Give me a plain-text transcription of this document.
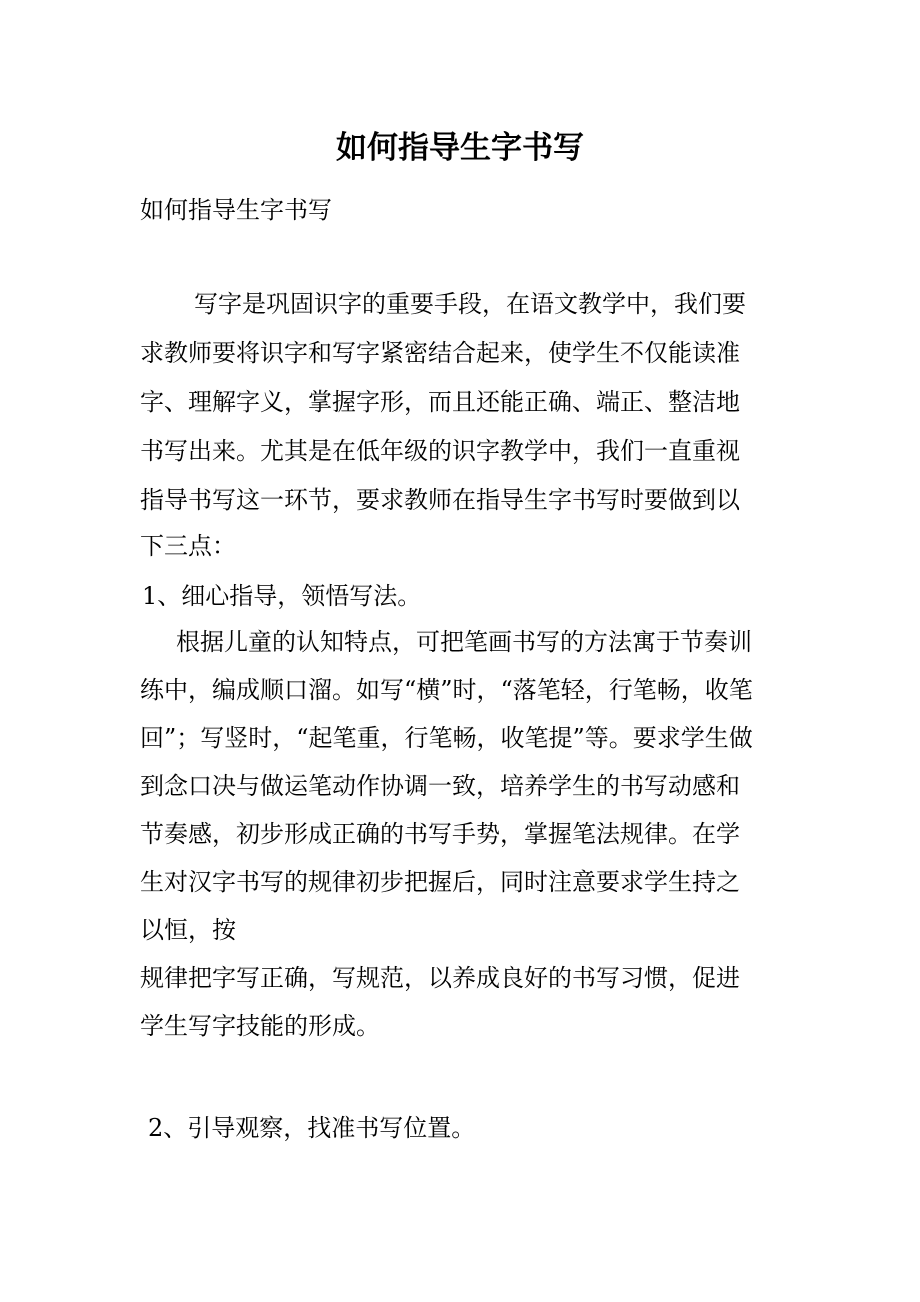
如何指导生字书写

如何指导生字书写

写字是巩固识字的重要手段，在语文教学中，我们要

求教师要将识字和写字紧密结合起来，使学生不仅能读准

字、理解字义，掌握字形，而且还能正确、端正、整洁地

书写出来。尤其是在低年级的识字教学中，我们一直重视

指导书写这一环节，要求教师在指导生字书写时要做到以

下三点：

1、细心指导，领悟写法。

根据儿童的认知特点，可把笔画书写的方法寓于节奏训

练中，编成顺口溜。如写“横”时，“落笔轻，行笔畅，收笔

回”；写竖时，“起笔重，行笔畅，收笔提”等。要求学生做

到念口决与做运笔动作协调一致，培养学生的书写动感和

节奏感，初步形成正确的书写手势，掌握笔法规律。在学

生对汉字书写的规律初步把握后，同时注意要求学生持之

以恒，按

规律把字写正确，写规范，以养成良好的书写习惯，促进

学生写字技能的形成。

2、引导观察，找准书写位置。
